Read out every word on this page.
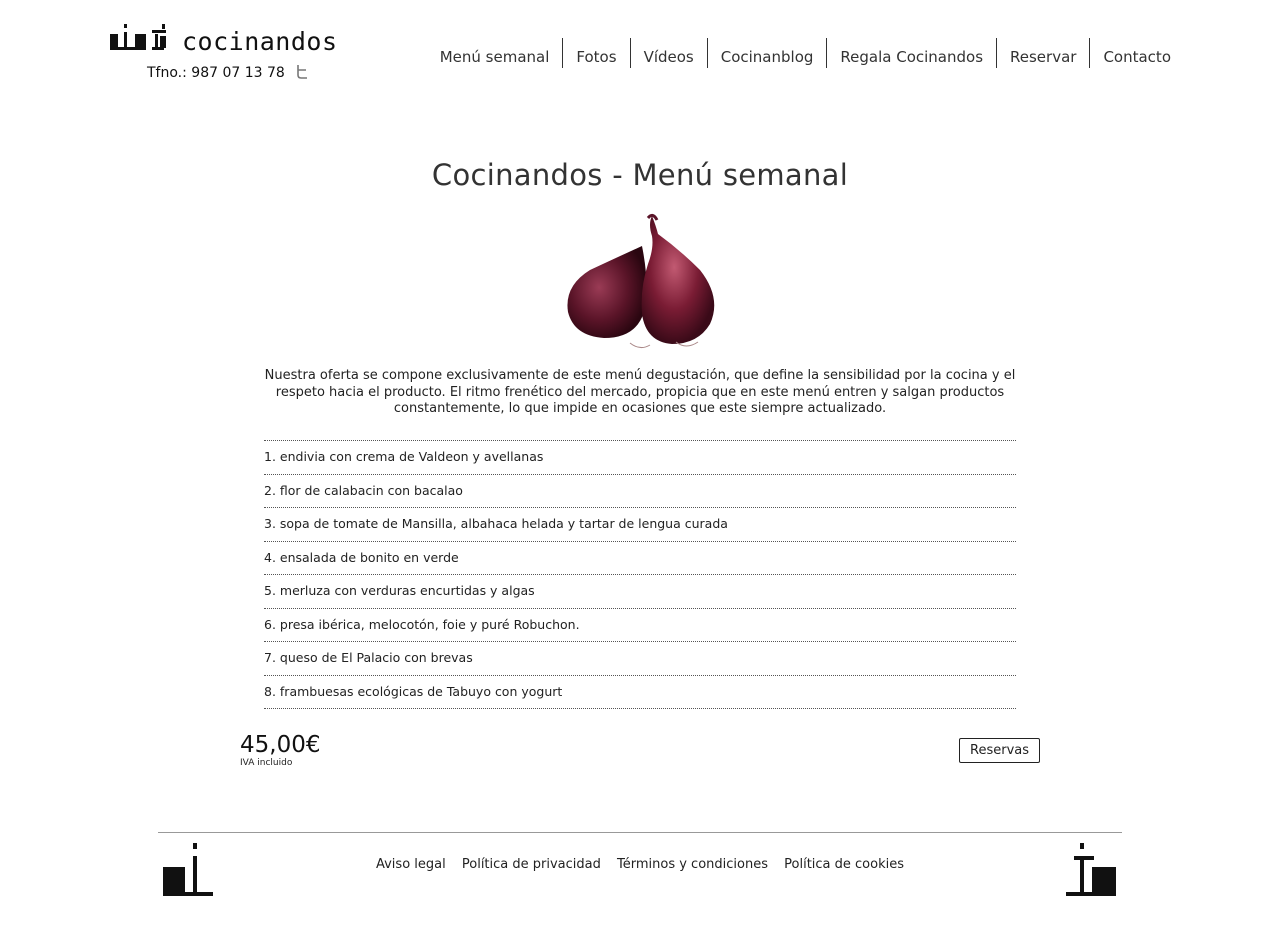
cocinandos
Tfno.: 987 07 13 78
Menú semanal	Fotos	Vídeos	Cocinanblog	Regala Cocinandos	Reservar	Contacto
Cocinandos - Menú semanal

Nuestra oferta se compone exclusivamente de este menú degustación, que define la sensibilidad por la cocina y el respeto hacia el producto. El ritmo frenético del mercado, propicia que en este menú entren y salgan productos constantemente, lo que impide en ocasiones que este siempre actualizado.

1. endivia con crema de Valdeon y avellanas
2. flor de calabacin con bacalao
3. sopa de tomate de Mansilla, albahaca helada y tartar de lengua curada
4. ensalada de bonito en verde
5. merluza con verduras encurtidas y algas
6. presa ibérica, melocotón, foie y puré Robuchon.
7. queso de El Palacio con brevas
8. frambuesas ecológicas de Tabuyo con yogurt
45,00€
IVA incluido
Reservas
Aviso legal Política de privacidad Términos y condiciones Política de cookies
